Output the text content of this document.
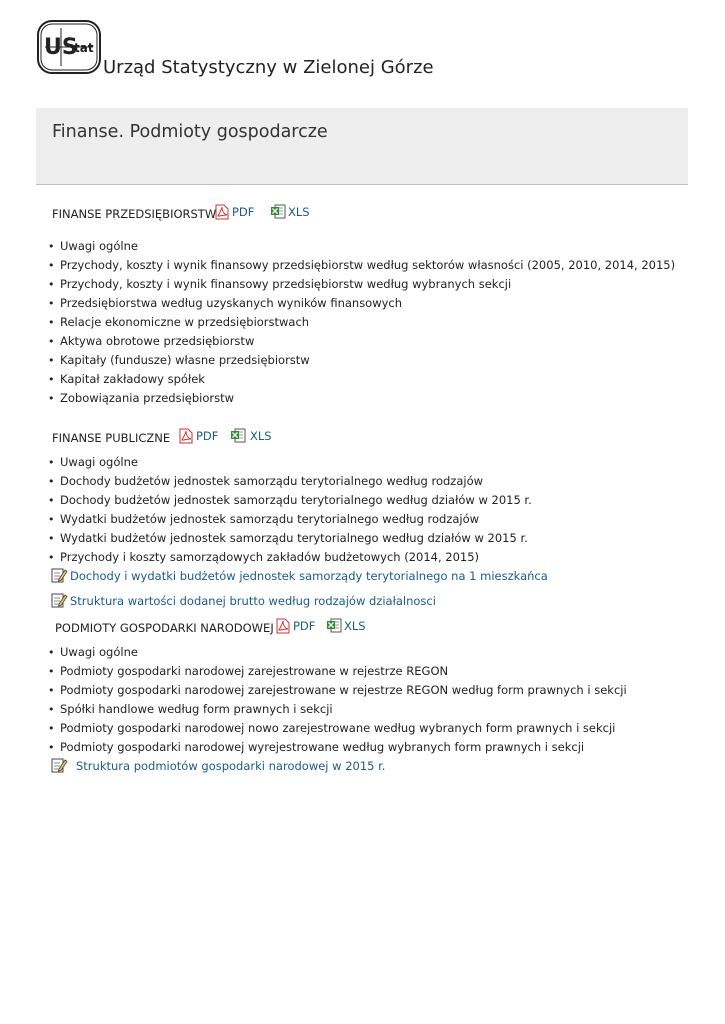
US
tat
Urząd Statystyczny w Zielonej Górze
Finanse. Podmioty gospodarcze
FINANSE PRZEDSIĘBIORSTW PDF	XLS
• Uwagi ogólne
• Przychody, koszty i wynik finansowy przedsiębiorstw według sektorów własności (2005, 2010, 2014, 2015)
• Przychody, koszty i wynik finansowy przedsiębiorstw według wybranych sekcji
• Przedsiębiorstwa według uzyskanych wyników finansowych
• Relacje ekonomiczne w przedsiębiorstwach
• Aktywa obrotowe przedsiębiorstw
• Kapitały (fundusze) własne przedsiębiorstw
• Kapitał zakładowy spółek
• Zobowiązania przedsiębiorstw
FINANSE PUBLICZNE PDF	XLS
• Uwagi ogólne
• Dochody budżetów jednostek samorządu terytorialnego według rodzajów
• Dochody budżetów jednostek samorządu terytorialnego według działów w 2015 r.
• Wydatki budżetów jednostek samorządu terytorialnego według rodzajów
• Wydatki budżetów jednostek samorządu terytorialnego według działów w 2015 r.
• Przychody i koszty samorządowych zakładów budżetowych (2014, 2015)
Dochody i wydatki budżetów jednostek samorządy terytorialnego na 1 mieszkańca
Struktura wartości dodanej brutto według rodzajów działalnosci
PODMIOTY GOSPODARKI NARODOWEJ PDF XLS
• Uwagi ogólne
• Podmioty gospodarki narodowej zarejestrowane w rejestrze REGON
• Podmioty gospodarki narodowej zarejestrowane w rejestrze REGON według form prawnych i sekcji
• Spółki handlowe według form prawnych i sekcji
• Podmioty gospodarki narodowej nowo zarejestrowane według wybranych form prawnych i sekcji
• Podmioty gospodarki narodowej wyrejestrowane według wybranych form prawnych i sekcji
Struktura podmiotów gospodarki narodowej w 2015 r.
